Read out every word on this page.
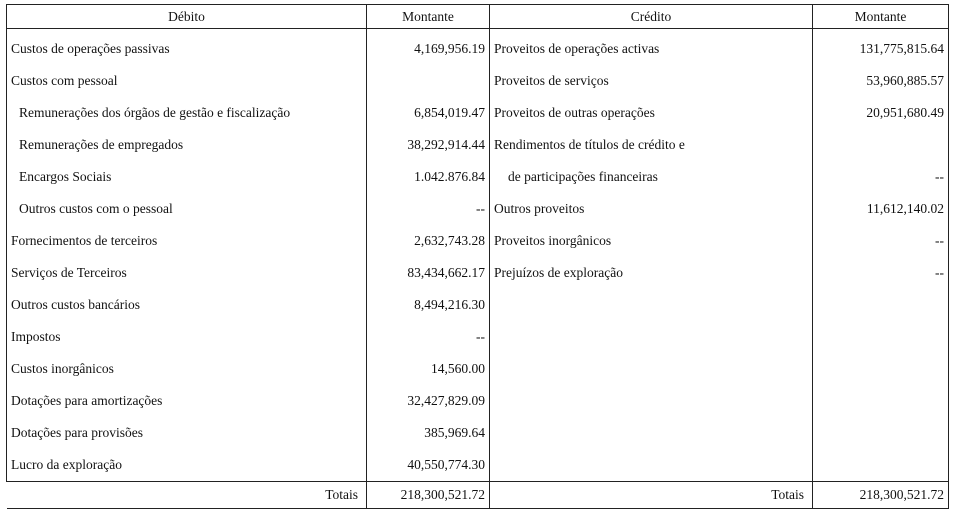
Débito	Montante	Crédito	Montante
Custos de operações passivas	4,169,956.19	Proveitos de operações activas	131,775,815.64
Custos com pessoal		Proveitos de serviços	53,960,885.57
Remunerações dos órgãos de gestão e fiscalização	6,854,019.47	Proveitos de outras operações	20,951,680.49
Remunerações de empregados	38,292,914.44	Rendimentos de títulos de crédito e	
Encargos Sociais	1.042.876.84	de participações financeiras	--
Outros custos com o pessoal	--	Outros proveitos	11,612,140.02
Fornecimentos de terceiros	2,632,743.28	Proveitos inorgânicos	--
Serviços de Terceiros	83,434,662.17	Prejuízos de exploração	--
Outros custos bancários	8,494,216.30		
Impostos	--		
Custos inorgânicos	14,560.00		
Dotações para amortizações	32,427,829.09		
Dotações para provisões	385,969.64		
Lucro da exploração	40,550,774.30		
Totais	218,300,521.72	Totais	218,300,521.72
